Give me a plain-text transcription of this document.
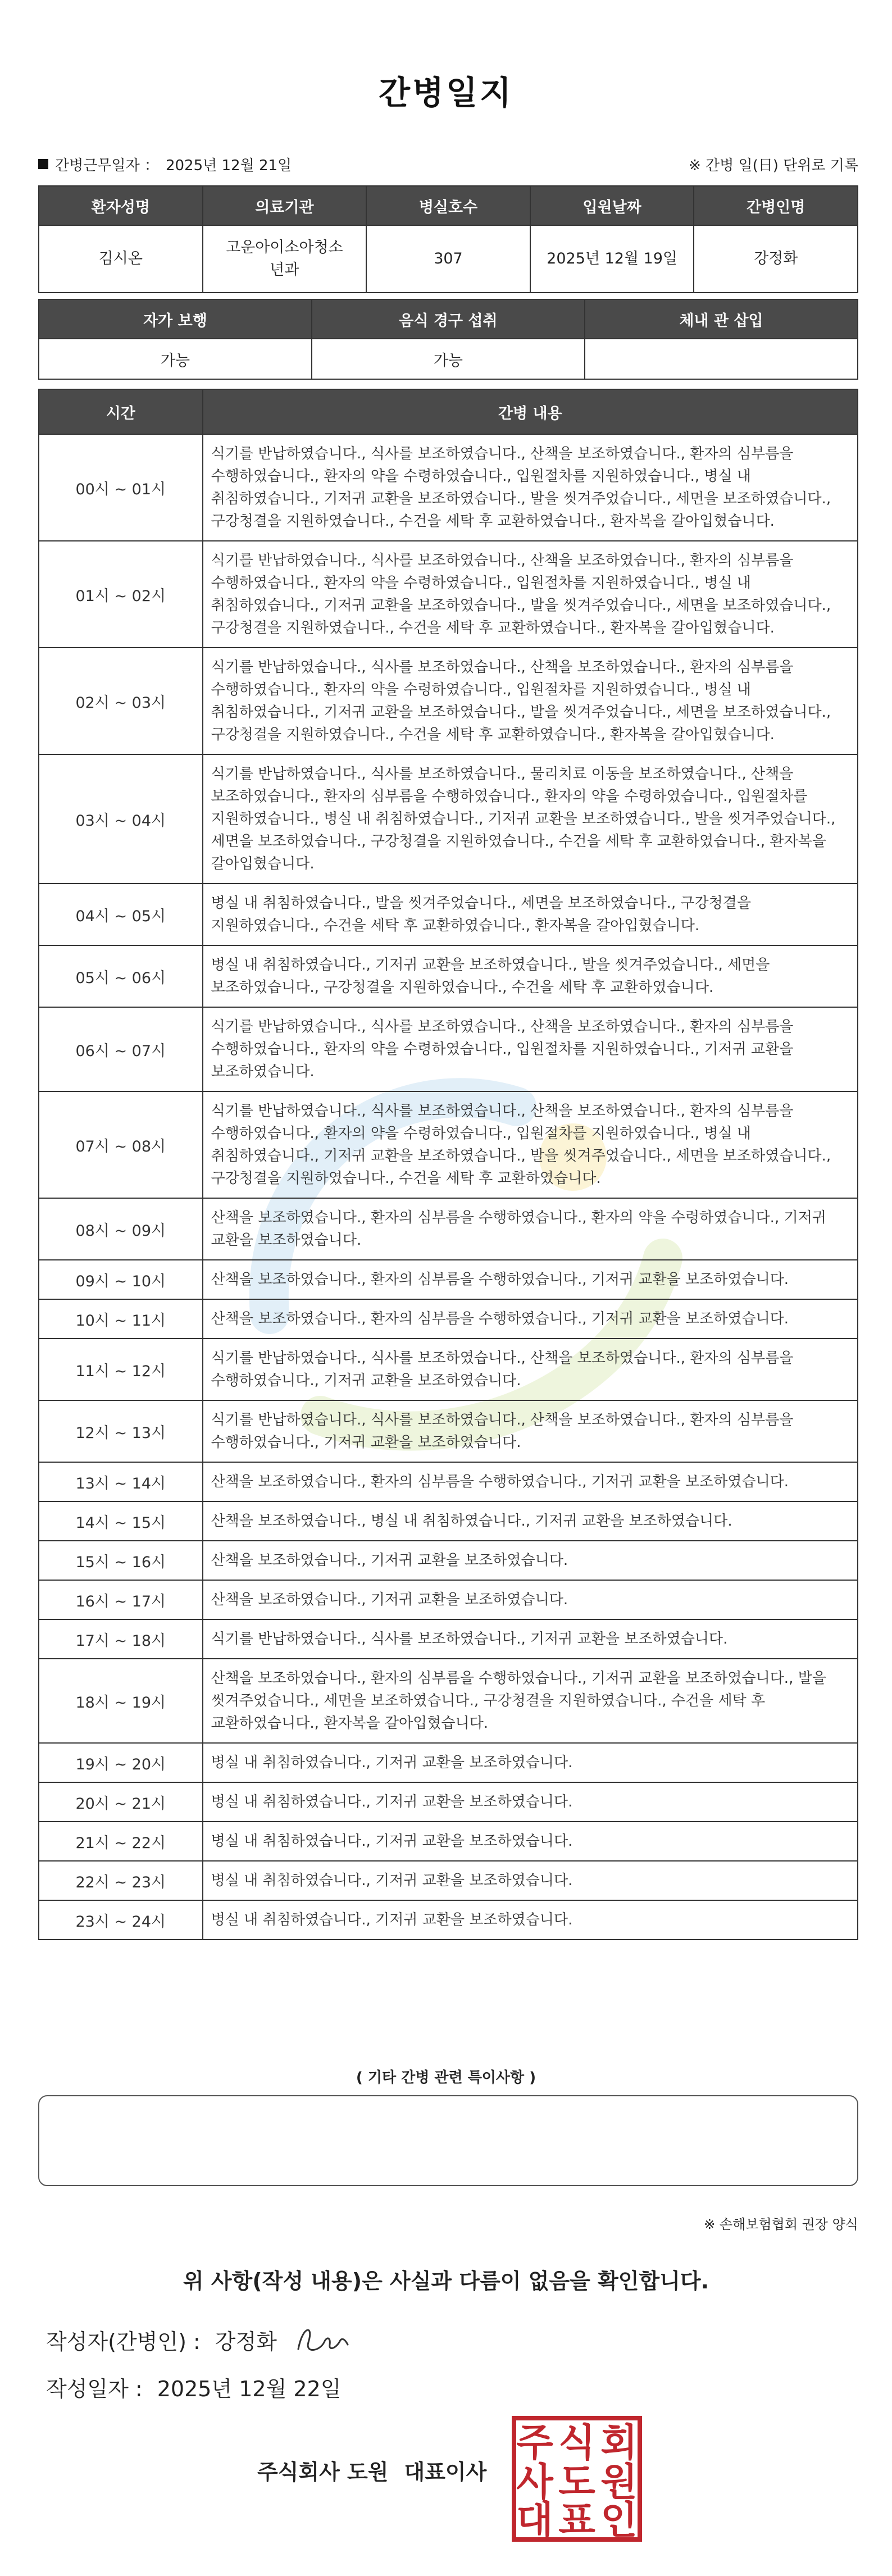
간병일지
간병근무일자 ： 2025년 12월 21일	※ 간병 일(日) 단위로 기록
환자성명	의료기관	병실호수	입원날짜	간병인명
김시온	고운아이소아청소년과	307	2025년 12월 19일	강정화
자가 보행	음식 경구 섭취	체내 관 삽입
가능	가능	
시간	간병 내용
00시 ~ 01시	식기를 반납하였습니다., 식사를 보조하였습니다., 산책을 보조하였습니다., 환자의 심부름을 수행하였습니다., 환자의 약을 수령하였습니다., 입원절차를 지원하였습니다., 병실 내 취침하였습니다., 기저귀 교환을 보조하였습니다., 발을 씻겨주었습니다., 세면을 보조하였습니다., 구강청결을 지원하였습니다., 수건을 세탁 후 교환하였습니다., 환자복을 갈아입혔습니다.
01시 ~ 02시	식기를 반납하였습니다., 식사를 보조하였습니다., 산책을 보조하였습니다., 환자의 심부름을 수행하였습니다., 환자의 약을 수령하였습니다., 입원절차를 지원하였습니다., 병실 내 취침하였습니다., 기저귀 교환을 보조하였습니다., 발을 씻겨주었습니다., 세면을 보조하였습니다., 구강청결을 지원하였습니다., 수건을 세탁 후 교환하였습니다., 환자복을 갈아입혔습니다.
02시 ~ 03시	식기를 반납하였습니다., 식사를 보조하였습니다., 산책을 보조하였습니다., 환자의 심부름을 수행하였습니다., 환자의 약을 수령하였습니다., 입원절차를 지원하였습니다., 병실 내 취침하였습니다., 기저귀 교환을 보조하였습니다., 발을 씻겨주었습니다., 세면을 보조하였습니다., 구강청결을 지원하였습니다., 수건을 세탁 후 교환하였습니다., 환자복을 갈아입혔습니다.
03시 ~ 04시	식기를 반납하였습니다., 식사를 보조하였습니다., 물리치료 이동을 보조하였습니다., 산책을 보조하였습니다., 환자의 심부름을 수행하였습니다., 환자의 약을 수령하였습니다., 입원절차를 지원하였습니다., 병실 내 취침하였습니다., 기저귀 교환을 보조하였습니다., 발을 씻겨주었습니다., 세면을 보조하였습니다., 구강청결을 지원하였습니다., 수건을 세탁 후 교환하였습니다., 환자복을 갈아입혔습니다.
04시 ~ 05시	병실 내 취침하였습니다., 발을 씻겨주었습니다., 세면을 보조하였습니다., 구강청결을 지원하였습니다., 수건을 세탁 후 교환하였습니다., 환자복을 갈아입혔습니다.
05시 ~ 06시	병실 내 취침하였습니다., 기저귀 교환을 보조하였습니다., 발을 씻겨주었습니다., 세면을 보조하였습니다., 구강청결을 지원하였습니다., 수건을 세탁 후 교환하였습니다.
06시 ~ 07시	식기를 반납하였습니다., 식사를 보조하였습니다., 산책을 보조하였습니다., 환자의 심부름을 수행하였습니다., 환자의 약을 수령하였습니다., 입원절차를 지원하였습니다., 기저귀 교환을 보조하였습니다.
07시 ~ 08시	식기를 반납하였습니다., 식사를 보조하였습니다., 산책을 보조하였습니다., 환자의 심부름을 수행하였습니다., 환자의 약을 수령하였습니다., 입원절차를 지원하였습니다., 병실 내 취침하였습니다., 기저귀 교환을 보조하였습니다., 발을 씻겨주었습니다., 세면을 보조하였습니다., 구강청결을 지원하였습니다., 수건을 세탁 후 교환하였습니다.
08시 ~ 09시	산책을 보조하였습니다., 환자의 심부름을 수행하였습니다., 환자의 약을 수령하였습니다., 기저귀 교환을 보조하였습니다.
09시 ~ 10시	산책을 보조하였습니다., 환자의 심부름을 수행하였습니다., 기저귀 교환을 보조하였습니다.
10시 ~ 11시	산책을 보조하였습니다., 환자의 심부름을 수행하였습니다., 기저귀 교환을 보조하였습니다.
11시 ~ 12시	식기를 반납하였습니다., 식사를 보조하였습니다., 산책을 보조하였습니다., 환자의 심부름을 수행하였습니다., 기저귀 교환을 보조하였습니다.
12시 ~ 13시	식기를 반납하였습니다., 식사를 보조하였습니다., 산책을 보조하였습니다., 환자의 심부름을 수행하였습니다., 기저귀 교환을 보조하였습니다.
13시 ~ 14시	산책을 보조하였습니다., 환자의 심부름을 수행하였습니다., 기저귀 교환을 보조하였습니다.
14시 ~ 15시	산책을 보조하였습니다., 병실 내 취침하였습니다., 기저귀 교환을 보조하였습니다.
15시 ~ 16시	산책을 보조하였습니다., 기저귀 교환을 보조하였습니다.
16시 ~ 17시	산책을 보조하였습니다., 기저귀 교환을 보조하였습니다.
17시 ~ 18시	식기를 반납하였습니다., 식사를 보조하였습니다., 기저귀 교환을 보조하였습니다.
18시 ~ 19시	산책을 보조하였습니다., 환자의 심부름을 수행하였습니다., 기저귀 교환을 보조하였습니다., 발을 씻겨주었습니다., 세면을 보조하였습니다., 구강청결을 지원하였습니다., 수건을 세탁 후 교환하였습니다., 환자복을 갈아입혔습니다.
19시 ~ 20시	병실 내 취침하였습니다., 기저귀 교환을 보조하였습니다.
20시 ~ 21시	병실 내 취침하였습니다., 기저귀 교환을 보조하였습니다.
21시 ~ 22시	병실 내 취침하였습니다., 기저귀 교환을 보조하였습니다.
22시 ~ 23시	병실 내 취침하였습니다., 기저귀 교환을 보조하였습니다.
23시 ~ 24시	병실 내 취침하였습니다., 기저귀 교환을 보조하였습니다.
( 기타 간병 관련 특이사항 )
※ 손해보험협회 권장 양식
위 사항(작성 내용)은 사실과 다름이 없음을 확인합니다.
작성자(간병인) : 강정화
작성일자 : 2025년 12월 22일
주식회사 도원 대표이사
주 식 회
사 도 원
대 표 인
